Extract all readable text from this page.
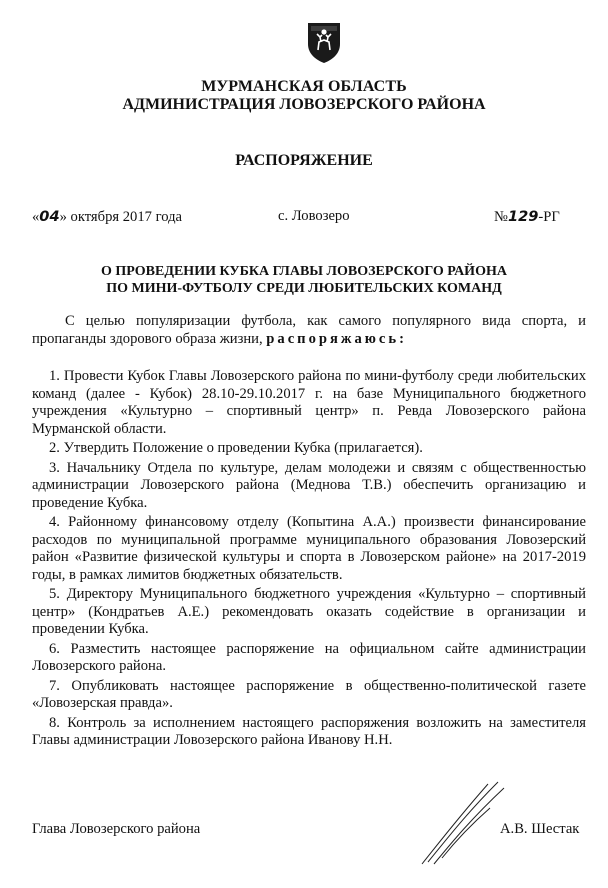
МУРМАНСКАЯ ОБЛАСТЬ
АДМИНИСТРАЦИЯ ЛОВОЗЕРСКОГО РАЙОНА
РАСПОРЯЖЕНИЕ
«04» октября 2017 года	с. Ловозеро	№129-РГ
О ПРОВЕДЕНИИ КУБКА ГЛАВЫ ЛОВОЗЕРСКОГО РАЙОНА
ПО МИНИ-ФУТБОЛУ СРЕДИ ЛЮБИТЕЛЬСКИХ КОМАНД
С целью популяризации футбола, как самого популярного вида спорта, и пропаганды здорового образа жизни, распоряжаюсь:

1. Провести Кубок Главы Ловозерского района по мини-футболу среди любительских команд (далее - Кубок) 28.10-29.10.2017 г. на базе Муниципального бюджетного учреждения «Культурно – спортивный центр» п. Ревда Ловозерского района Мурманской области.

2. Утвердить Положение о проведении Кубка (прилагается).

3. Начальнику Отдела по культуре, делам молодежи и связям с общественностью администрации Ловозерского района (Меднова Т.В.) обеспечить организацию и проведение Кубка.

4. Районному финансовому отделу (Копытина А.А.) произвести финансирование расходов по муниципальной программе муниципального образования Ловозерский район «Развитие физической культуры и спорта в Ловозерском районе» на 2017-2019 годы, в рамках лимитов бюджетных обязательств.

5. Директору Муниципального бюджетного учреждения «Культурно – спортивный центр» (Кондратьев А.Е.) рекомендовать оказать содействие в организации и проведении Кубка.

6. Разместить настоящее распоряжение на официальном сайте администрации Ловозерского района.

7. Опубликовать настоящее распоряжение в общественно-политической газете «Ловозерская правда».

8. Контроль за исполнением настоящего распоряжения возложить на заместителя Главы администрации Ловозерского района Иванову Н.Н.

Глава Ловозерского района	А.В. Шестак
